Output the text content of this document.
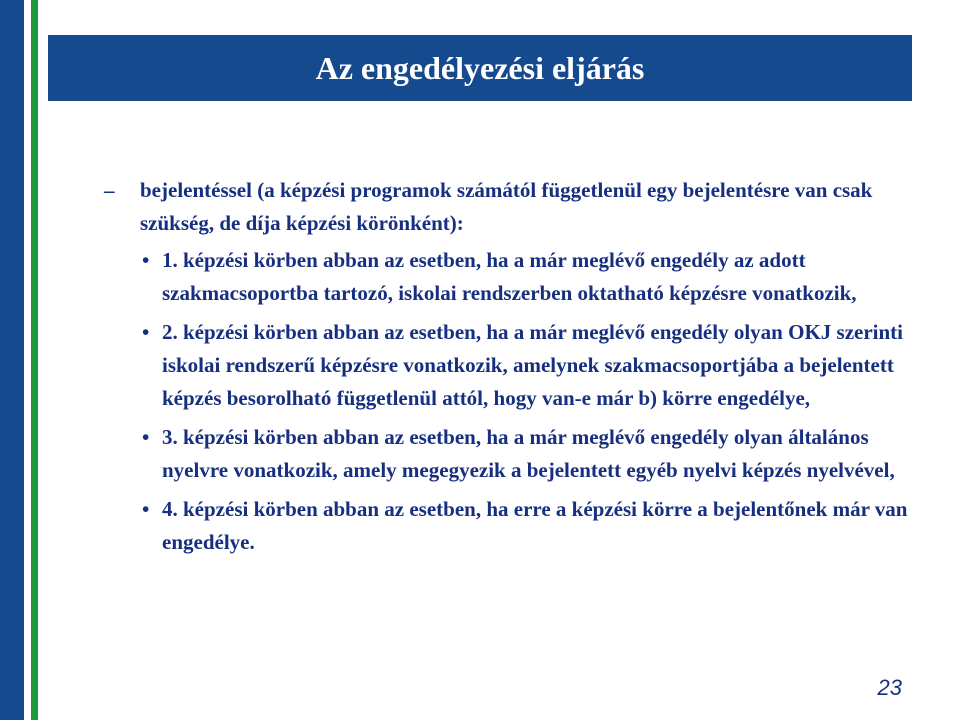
Az engedélyezési eljárás
– bejelentéssel (a képzési programok számától függetlenül egy bejelentésre van csak szükség, de díja képzési körönként):
• 1. képzési körben abban az esetben, ha a már meglévő engedély az adott szakmacsoportba tartozó, iskolai rendszerben oktatható képzésre vonatkozik,
• 2. képzési körben abban az esetben, ha a már meglévő engedély olyan OKJ szerinti iskolai rendszerű képzésre vonatkozik, amelynek szakmacsoportjába a bejelentett képzés besorolható függetlenül attól, hogy van-e már b) körre engedélye,
• 3. képzési körben abban az esetben, ha a már meglévő engedély olyan általános nyelvre vonatkozik, amely megegyezik a bejelentett egyéb nyelvi képzés nyelvével,
• 4. képzési körben abban az esetben, ha erre a képzési körre a bejelentőnek már van engedélye.
23
